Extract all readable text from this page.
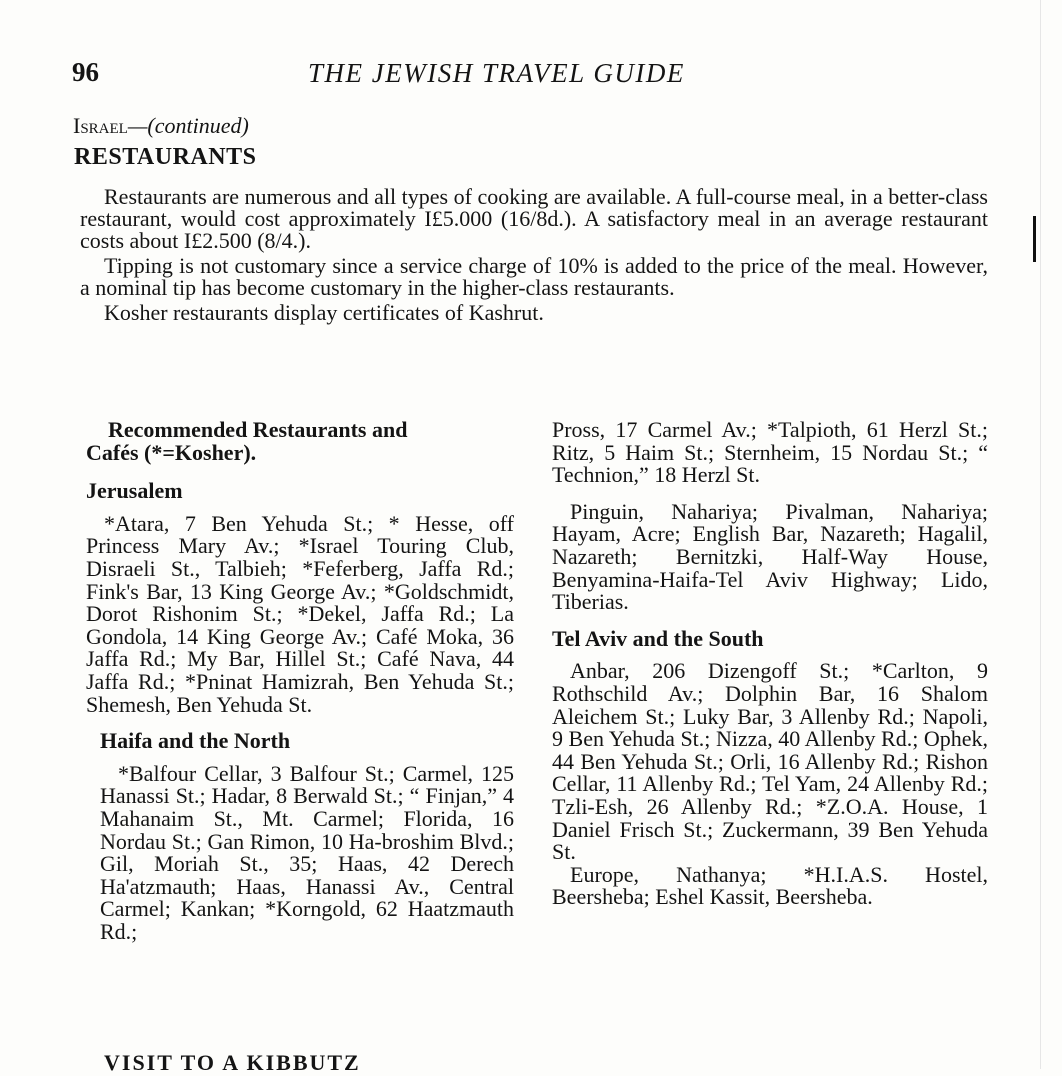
96	THE JEWISH TRAVEL GUIDE
Israel—(continued)
RESTAURANTS

Restaurants are numerous and all types of cooking are available. A full-course meal, in a better-class restaurant, would cost approximately I£5.000 (16/8d.). A satisfactory meal in an average restaurant costs about I£2.500 (8/4.).

Tipping is not customary since a service charge of 10% is added to the price of the meal. However, a nominal tip has become customary in the higher-class restaurants.

Kosher restaurants display certificates of Kashrut.

Recommended Restaurants and
Cafés (*=Kosher).

Jerusalem

*Atara, 7 Ben Yehuda St.; * Hesse, off Princess Mary Av.; *Israel Touring Club, Disraeli St., Talbieh; *Feferberg, Jaffa Rd.; Fink's Bar, 13 King George Av.; *Goldschmidt, Dorot Rishonim St.; *Dekel, Jaffa Rd.; La Gondola, 14 King George Av.; Café Moka, 36 Jaffa Rd.; My Bar, Hillel St.; Café Nava, 44 Jaffa Rd.; *Pninat Hamizrah, Ben Yehuda St.; Shemesh, Ben Yehuda St.

Haifa and the North

*Balfour Cellar, 3 Balfour St.; Carmel, 125 Hanassi St.; Hadar, 8 Berwald St.; “ Finjan,” 4 Mahanaim St., Mt. Carmel; Florida, 16 Nordau St.; Gan Rimon, 10 Ha-broshim Blvd.; Gil, Moriah St., 35; Haas, 42 Derech Ha'atzmauth; Haas, Hanassi Av., Central Carmel; Kankan; *Korngold, 62 Haatzmauth Rd.;

Pross, 17 Carmel Av.; *Talpioth, 61 Herzl St.; Ritz, 5 Haim St.; Sternheim, 15 Nordau St.; “ Technion,” 18 Herzl St.

Pinguin, Nahariya; Pivalman, Nahariya; Hayam, Acre; English Bar, Nazareth; Hagalil, Nazareth; Bernitzki, Half-Way House, Benyamina-Haifa-Tel Aviv Highway; Lido, Tiberias.

Tel Aviv and the South

Anbar, 206 Dizengoff St.; *Carlton, 9 Rothschild Av.; Dolphin Bar, 16 Shalom Aleichem St.; Luky Bar, 3 Allenby Rd.; Napoli, 9 Ben Yehuda St.; Nizza, 40 Allenby Rd.; Ophek, 44 Ben Yehuda St.; Orli, 16 Allenby Rd.; Rishon Cellar, 11 Allenby Rd.; Tel Yam, 24 Allenby Rd.; Tzli-Esh, 26 Allenby Rd.; *Z.O.A. House, 1 Daniel Frisch St.; Zuckermann, 39 Ben Yehuda St.

Europe, Nathanya; *H.I.A.S. Hostel, Beersheba; Eshel Kassit, Beersheba.

VISIT TO A KIBBUTZ
